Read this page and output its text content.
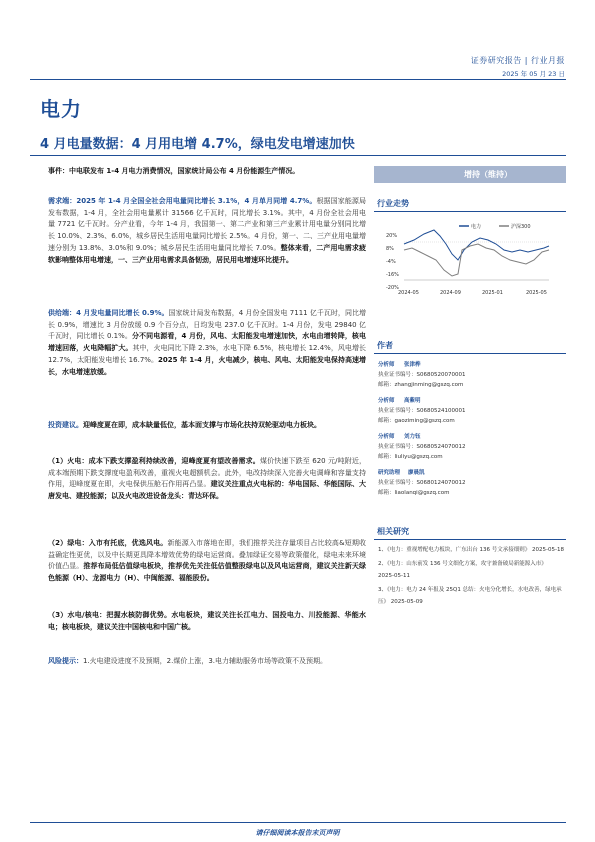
证券研究报告 | 行业月报
2025 年 05 月 23 日
电力
4 月电量数据：4 月用电增 4.7%，绿电发电增速加快

事件：中电联发布 1-4 月电力消费情况，国家统计局公布 4 月份能源生产情况。

需求端：2025 年 1-4 月全国全社会用电量同比增长 3.1%，4 月单月同增 4.7%。根据国家能源局发布数据，1-4 月，全社会用电量累计 31566 亿千瓦时，同比增长 3.1%。其中，4 月份全社会用电量 7721 亿千瓦时。分产业看，今年 1-4 月，我国第一、第二产业和第三产业累计用电量分别同比增长 10.0%、2.3%、6.0%，城乡居民生活用电量同比增长 2.5%。4 月份，第一、二、三产业用电量增速分别为 13.8%、3.0%和 9.0%；城乡居民生活用电量同比增长 7.0%。整体来看，二产用电需求疲软影响整体用电增速，一、三产业用电需求具备韧劲，居民用电增速环比提升。

供给端：4 月发电量同比增长 0.9%。国家统计局发布数据，4 月份全国发电 7111 亿千瓦时，同比增长 0.9%，增速比 3 月份放缓 0.9 个百分点，日均发电 237.0 亿千瓦时。1-4 月份，发电 29840 亿千瓦时，同比增长 0.1%。分不同电源看，4 月份，风电、太阳能发电增速加快，水电由增转降，核电增速回落，火电降幅扩大。其中，火电同比下降 2.3%，水电下降 6.5%，核电增长 12.4%，风电增长 12.7%，太阳能发电增长 16.7%。2025 年 1-4 月，火电减少，核电、风电、太阳能发电保持高速增长，水电增速放缓。

投资建议。迎峰度夏在即，成本缺量低位，基本面支撑与市场化扶持双轮驱动电力板块。

（1）火电：成本下跌支撑盈利持续改善，迎峰度夏有望改善需求。煤价快速下跌至 620 元/吨附近，成本端预期下跌支撑度电盈利改善，重视火电超额机会。此外，电改持续深入完善火电调峰和容量支持作用，迎峰度夏在即，火电保供压舱石作用再凸显。建议关注重点火电标的：华电国际、华能国际、大唐发电、建投能源；以及火电改进设备龙头：青达环保。

（2）绿电：入市有托底，优选风电。新能源入市落地在即，我们推荐关注存量项目占比较高&短期收益确定性更优，以及中长期更具降本增效优势的绿电运营商。叠加绿证交易等政策催化，绿电未来环境价值凸显。推荐布局低估值绿电板块，推荐优先关注低估值整股绿电以及风电运营商，建议关注新天绿色能源（H）、龙源电力（H）、中闽能源、福能股份。

（3）水电/核电：把握水核防御优势。水电板块，建议关注长江电力、国投电力、川投能源、华能水电；核电板块，建议关注中国核电和中国广核。

风险提示：1.火电建设进度不及预期，2.煤价上涨，3.电力辅助服务市场等政策不及预期。

增持（维持）
行业走势
电力	沪深300
20%
8%
-4%
-16%
-20%
2024-05	2024-09	2025-01	2025-05
作者
分析师	张津桦
执业证书编号：S0680520070001
邮箱：zhangjinming@gszq.com
分析师	高紫明
执业证书编号：S0680524100001
邮箱：gaoziming@gszq.com
分析师	刘力钰
执业证书编号：S0680524070012
邮箱：liuliyu@gszq.com
研究助理	廖晨凯
执业证书编号：S0680124070012
邮箱：liaolanqi@gszq.com
相关研究
1、《电力：重视增配电力板块，广东出台 136 号文承接细则》 2025-05-18
2、《电力：山东前发 136 号文细化方案，攻守兼备破局新能源入市》 2025-05-11
3、《电力：电力 24 年报及 25Q1 总结：火电分化增长，水电改善，绿电承压》 2025-05-09
请仔细阅读本报告末页声明
